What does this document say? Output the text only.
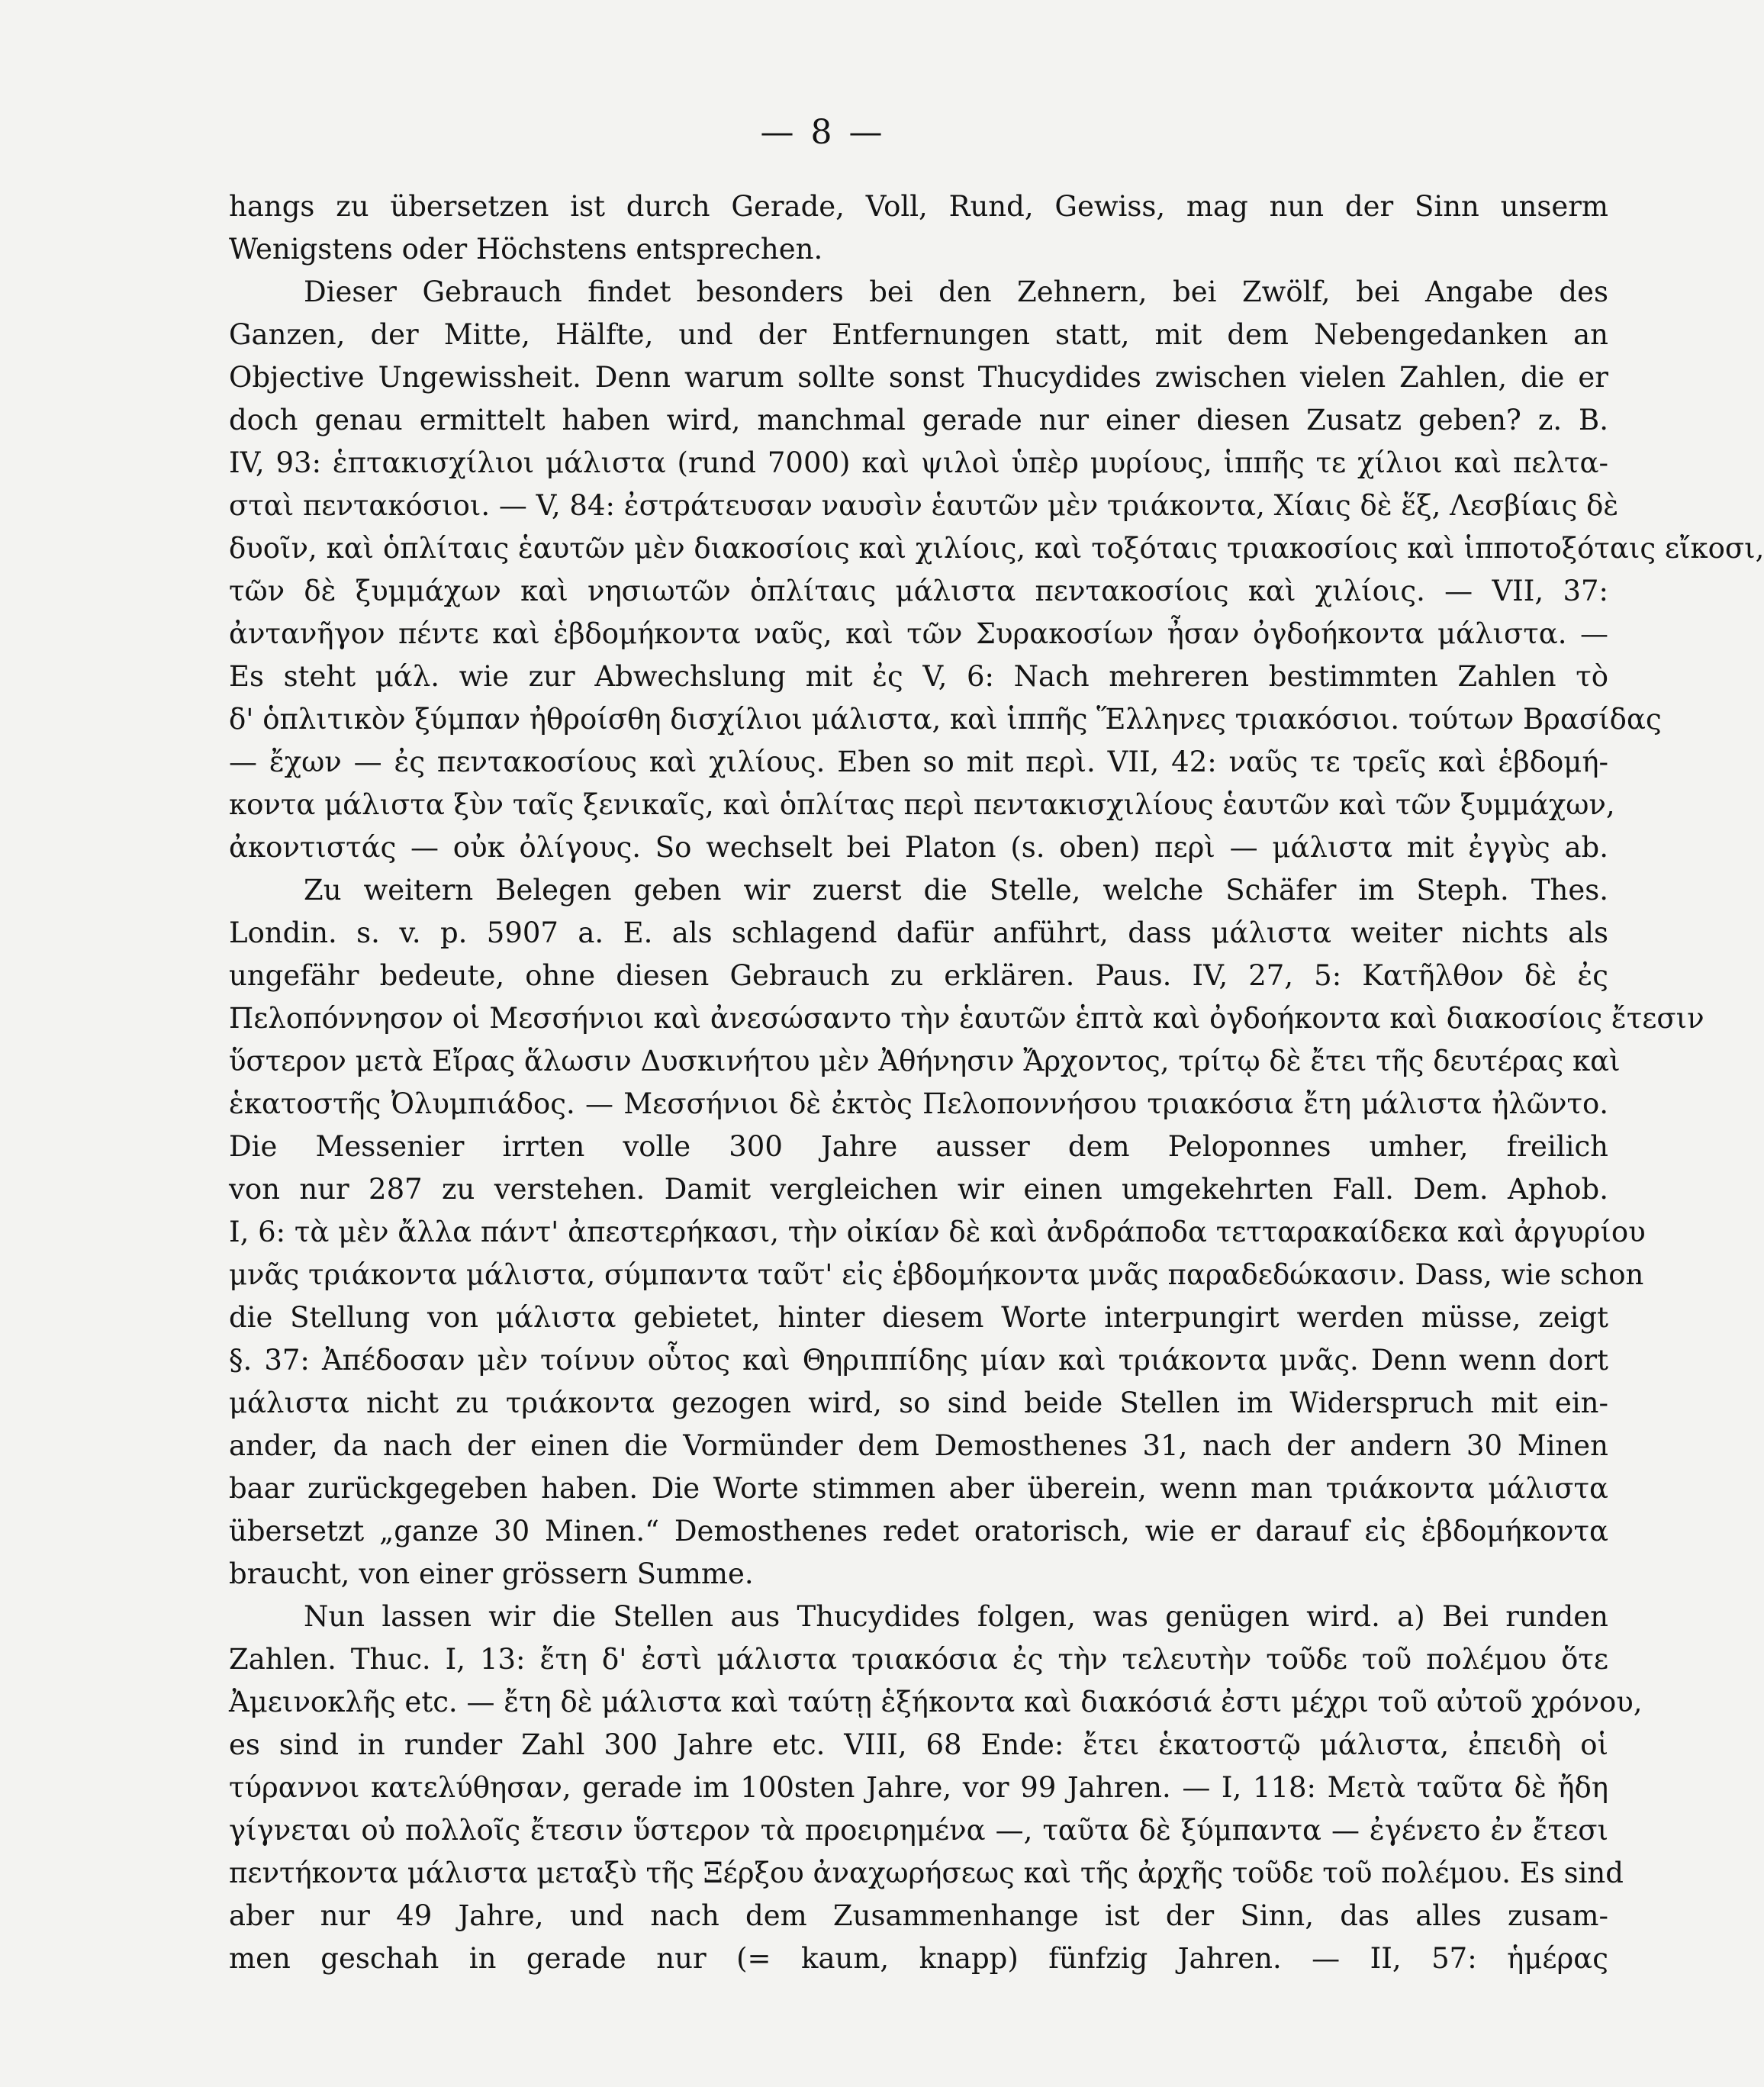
— 8 —
hangs zu übersetzen ist durch Gerade, Voll, Rund, Gewiss, mag nun der Sinn unserm
Wenigstens oder Höchstens entsprechen.
Dieser Gebrauch findet besonders bei den Zehnern, bei Zwölf, bei Angabe des
Ganzen, der Mitte, Hälfte, und der Entfernungen statt, mit dem Nebengedanken an
Objective Ungewissheit. Denn warum sollte sonst Thucydides zwischen vielen Zahlen, die er
doch genau ermittelt haben wird, manchmal gerade nur einer diesen Zusatz geben? z. B.
IV, 93: ἑπτακισχίλιοι μάλιστα (rund 7000) καὶ ψιλοὶ ὑπὲρ μυρίους, ἱππῆς τε χίλιοι καὶ πελτα-
σταὶ πεντακόσιοι. — V, 84: ἐστράτευσαν ναυσὶν ἑαυτῶν μὲν τριάκοντα, Χίαις δὲ ἕξ, Λεσβίαις δὲ
δυοῖν, καὶ ὁπλίταις ἑαυτῶν μὲν διακοσίοις καὶ χιλίοις, καὶ τοξόταις τριακοσίοις καὶ ἱπποτοξόταις εἴκοσι,
τῶν δὲ ξυμμάχων καὶ νησιωτῶν ὁπλίταις μάλιστα πεντακοσίοις καὶ χιλίοις. — VII, 37:
ἀντανῆγον πέντε καὶ ἑβδομήκοντα ναῦς, καὶ τῶν Συρακοσίων ἦσαν ὀγδοήκοντα μάλιστα. —
Es steht μάλ. wie zur Abwechslung mit ἐς V, 6: Nach mehreren bestimmten Zahlen τὸ
δ' ὁπλιτικὸν ξύμπαν ἠθροίσθη δισχίλιοι μάλιστα, καὶ ἱππῆς Ἕλληνες τριακόσιοι. τούτων Βρασίδας
— ἔχων — ἐς πεντακοσίους καὶ χιλίους. Eben so mit περὶ. VII, 42: ναῦς τε τρεῖς καὶ ἑβδομή-
κοντα μάλιστα ξὺν ταῖς ξενικαῖς, καὶ ὁπλίτας περὶ πεντακισχιλίους ἑαυτῶν καὶ τῶν ξυμμάχων,
ἀκοντιστάς — οὐκ ὀλίγους. So wechselt bei Platon (s. oben) περὶ — μάλιστα mit ἐγγὺς ab.
Zu weitern Belegen geben wir zuerst die Stelle, welche Schäfer im Steph. Thes.
Londin. s. v. p. 5907 a. E. als schlagend dafür anführt, dass μάλιστα weiter nichts als
ungefähr bedeute, ohne diesen Gebrauch zu erklären. Paus. IV, 27, 5: Κατῆλθον δὲ ἐς
Πελοπόννησον οἱ Μεσσήνιοι καὶ ἀνεσώσαντο τὴν ἑαυτῶν ἑπτὰ καὶ ὀγδοήκοντα καὶ διακοσίοις ἔτεσιν
ὕστερον μετὰ Εἴρας ἅλωσιν Δυσκινήτου μὲν Ἀθήνησιν Ἄρχοντος, τρίτῳ δὲ ἔτει τῆς δευτέρας καὶ
ἑκατοστῆς Ὀλυμπιάδος. — Μεσσήνιοι δὲ ἐκτὸς Πελοποννήσου τριακόσια ἔτη μάλιστα ἠλῶντο.
Die Messenier irrten volle 300 Jahre ausser dem Peloponnes umher, freilich
von nur 287 zu verstehen. Damit vergleichen wir einen umgekehrten Fall. Dem. Aphob.
I, 6: τὰ μὲν ἄλλα πάντ' ἀπεστερήκασι, τὴν οἰκίαν δὲ καὶ ἀνδράποδα τετταρακαίδεκα καὶ ἀργυρίου
μνᾶς τριάκοντα μάλιστα, σύμπαντα ταῦτ' εἰς ἑβδομήκοντα μνᾶς παραδεδώκασιν. Dass, wie schon
die Stellung von μάλιστα gebietet, hinter diesem Worte interpungirt werden müsse, zeigt
§. 37: Ἀπέδοσαν μὲν τοίνυν οὗτος καὶ Θηριππίδης μίαν καὶ τριάκοντα μνᾶς. Denn wenn dort
μάλιστα nicht zu τριάκοντα gezogen wird, so sind beide Stellen im Widerspruch mit ein-
ander, da nach der einen die Vormünder dem Demosthenes 31, nach der andern 30 Minen
baar zurückgegeben haben. Die Worte stimmen aber überein, wenn man τριάκοντα μάλιστα
übersetzt „ganze 30 Minen.“ Demosthenes redet oratorisch, wie er darauf εἰς ἑβδομήκοντα
braucht, von einer grössern Summe.
Nun lassen wir die Stellen aus Thucydides folgen, was genügen wird. a) Bei runden
Zahlen. Thuc. I, 13: ἔτη δ' ἐστὶ μάλιστα τριακόσια ἐς τὴν τελευτὴν τοῦδε τοῦ πολέμου ὅτε
Ἀμεινοκλῆς etc. — ἔτη δὲ μάλιστα καὶ ταύτῃ ἑξήκοντα καὶ διακόσιά ἐστι μέχρι τοῦ αὐτοῦ χρόνου,
es sind in runder Zahl 300 Jahre etc. VIII, 68 Ende: ἔτει ἑκατοστῷ μάλιστα, ἐπειδὴ οἱ
τύραννοι κατελύθησαν, gerade im 100sten Jahre, vor 99 Jahren. — I, 118: Μετὰ ταῦτα δὲ ἤδη
γίγνεται οὐ πολλοῖς ἔτεσιν ὕστερον τὰ προειρημένα —, ταῦτα δὲ ξύμπαντα — ἐγένετο ἐν ἔτεσι
πεντήκοντα μάλιστα μεταξὺ τῆς Ξέρξου ἀναχωρήσεως καὶ τῆς ἀρχῆς τοῦδε τοῦ πολέμου. Es sind
aber nur 49 Jahre, und nach dem Zusammenhange ist der Sinn, das alles zusam-
men geschah in gerade nur (= kaum, knapp) fünfzig Jahren. — II, 57: ἡμέρας
